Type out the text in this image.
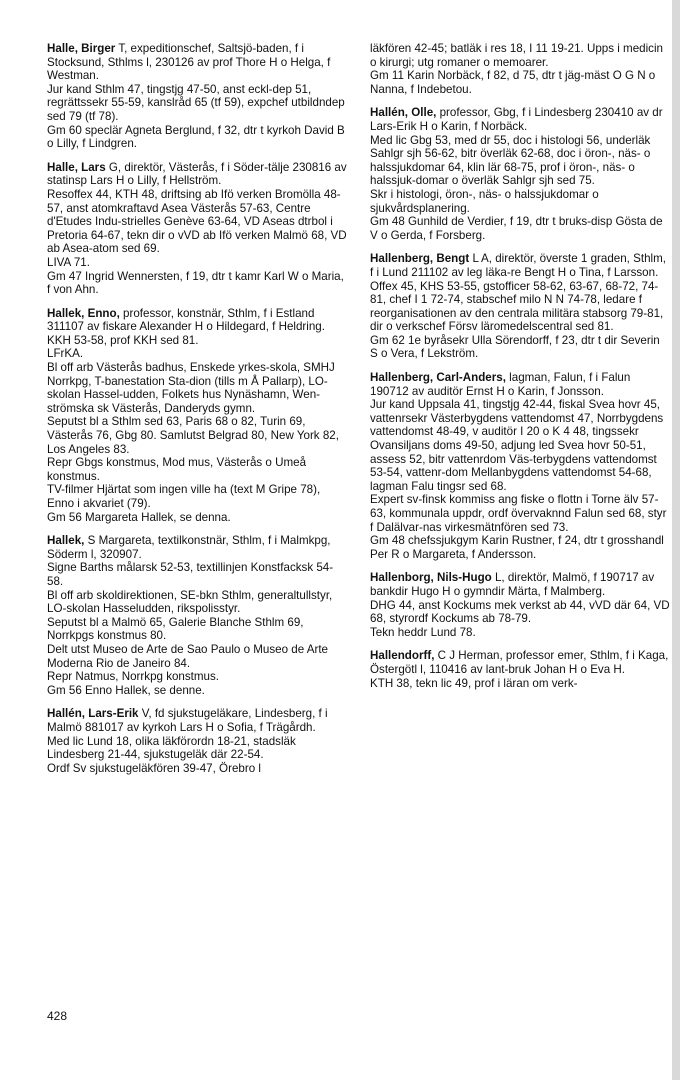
Halle, Birger T, expeditionschef, Saltsjö-baden, f i Stocksund, Sthlms l, 230126 av prof Thore H o Helga, f Westman.

Jur kand Sthlm 47, tingstjg 47-50, anst eckl-dep 51, regrättssekr 55-59, kanslråd 65 (tf 59), expchef utbildndep sed 79 (tf 78).

Gm 60 speclär Agneta Berglund, f 32, dtr t kyrkoh David B o Lilly, f Lindgren.

Halle, Lars G, direktör, Västerås, f i Söder-tälje 230816 av statinsp Lars H o Lilly, f Hellström.

Resoffex 44, KTH 48, driftsing ab Ifö verken Bromölla 48-57, anst atomkraftavd Asea Västerås 57-63, Centre d'Etudes Indu-strielles Genève 63-64, VD Aseas dtrbol i Pretoria 64-67, tekn dir o vVD ab Ifö verken Malmö 68, VD ab Asea-atom sed 69.

LIVA 71.

Gm 47 Ingrid Wennersten, f 19, dtr t kamr Karl W o Maria, f von Ahn.

Hallek, Enno, professor, konstnär, Sthlm, f i Estland 311107 av fiskare Alexander H o Hildegard, f Heldring.

KKH 53-58, prof KKH sed 81.

LFrKA.

Bl off arb Västerås badhus, Enskede yrkes-skola, SMHJ Norrkpg, T-banestation Sta-dion (tills m Å Pallarp), LO-skolan Hassel-udden, Folkets hus Nynäshamn, Wen-strömska sk Västerås, Danderyds gymn.

Seputst bl a Sthlm sed 63, Paris 68 o 82, Turin 69, Västerås 76, Gbg 80. Samlutst Belgrad 80, New York 82, Los Angeles 83.

Repr Gbgs konstmus, Mod mus, Västerås o Umeå konstmus.

TV-filmer Hjärtat som ingen ville ha (text M Gripe 78), Enno i akvariet (79).

Gm 56 Margareta Hallek, se denna.

Hallek, S Margareta, textilkonstnär, Sthlm, f i Malmkpg, Söderm l, 320907.

Signe Barths målarsk 52-53, textillinjen Konstfacksk 54-58.

Bl off arb skoldirektionen, SE-bkn Sthlm, generaltullstyr, LO-skolan Hasseludden, rikspolisstyr.

Seputst bl a Malmö 65, Galerie Blanche Sthlm 69, Norrkpgs konstmus 80.

Delt utst Museo de Arte de Sao Paulo o Museo de Arte Moderna Rio de Janeiro 84.

Repr Natmus, Norrkpg konstmus.

Gm 56 Enno Hallek, se denne.

Hallén, Lars-Erik V, fd sjukstugeläkare, Lindesberg, f i Malmö 881017 av kyrkoh Lars H o Sofia, f Trägårdh.

Med lic Lund 18, olika läkförordn 18-21, stadsläk Lindesberg 21-44, sjukstugeläk där 22-54.

Ordf Sv sjukstugeläkfören 39-47, Örebro l

läkfören 42-45; batläk i res 18, I 11 19-21. Upps i medicin o kirurgi; utg romaner o memoarer.

Gm 11 Karin Norbäck, f 82, d 75, dtr t jäg-mäst O G N o Nanna, f Indebetou.

Hallén, Olle, professor, Gbg, f i Lindesberg 230410 av dr Lars-Erik H o Karin, f Norbäck.

Med lic Gbg 53, med dr 55, doc i histologi 56, underläk Sahlgr sjh 56-62, bitr överläk 62-68, doc i öron-, näs- o halssjukdomar 64, klin lär 68-75, prof i öron-, näs- o halssjuk-domar o överläk Sahlgr sjh sed 75.

Skr i histologi, öron-, näs- o halssjukdomar o sjukvårdsplanering.

Gm 48 Gunhild de Verdier, f 19, dtr t bruks-disp Gösta de V o Gerda, f Forsberg.

Hallenberg, Bengt L A, direktör, överste 1 graden, Sthlm, f i Lund 211102 av leg läka-re Bengt H o Tina, f Larsson.

Offex 45, KHS 53-55, gstofficer 58-62, 63-67, 68-72, 74-81, chef I 1 72-74, stabschef milo N N 74-78, ledare f reorganisationen av den centrala militära stabsorg 79-81, dir o verkschef Försv läromedelscentral sed 81.

Gm 62 1e byråsekr Ulla Sörendorff, f 23, dtr t dir Severin S o Vera, f Lekström.

Hallenberg, Carl-Anders, lagman, Falun, f i Falun 190712 av auditör Ernst H o Karin, f Jonsson.

Jur kand Uppsala 41, tingstjg 42-44, fiskal Svea hovr 45, vattenrsekr Västerbygdens vattendomst 47, Norrbygdens vattendomst 48-49, v auditör I 20 o K 4 48, tingssekr Ovansiljans doms 49-50, adjung led Svea hovr 50-51, assess 52, bitr vattenrdom Väs-terbygdens vattendomst 53-54, vattenr-dom Mellanbygdens vattendomst 54-68, lagman Falu tingsr sed 68.

Expert sv-finsk kommiss ang fiske o flottn i Torne älv 57-63, kommunala uppdr, ordf övervaknnd Falun sed 68, styr f Dalälvar-nas virkesmätnfören sed 73.

Gm 48 chefssjukgym Karin Rustner, f 24, dtr t grosshandl Per R o Margareta, f Andersson.

Hallenborg, Nils-Hugo L, direktör, Malmö, f 190717 av bankdir Hugo H o gymndir Märta, f Malmberg.

DHG 44, anst Kockums mek verkst ab 44, vVD där 64, VD 68, styrordf Kockums ab 78-79.

Tekn heddr Lund 78.

Hallendorff, C J Herman, professor emer, Sthlm, f i Kaga, Östergötl l, 110416 av lant-bruk Johan H o Eva H.

KTH 38, tekn lic 49, prof i läran om verk-

428
